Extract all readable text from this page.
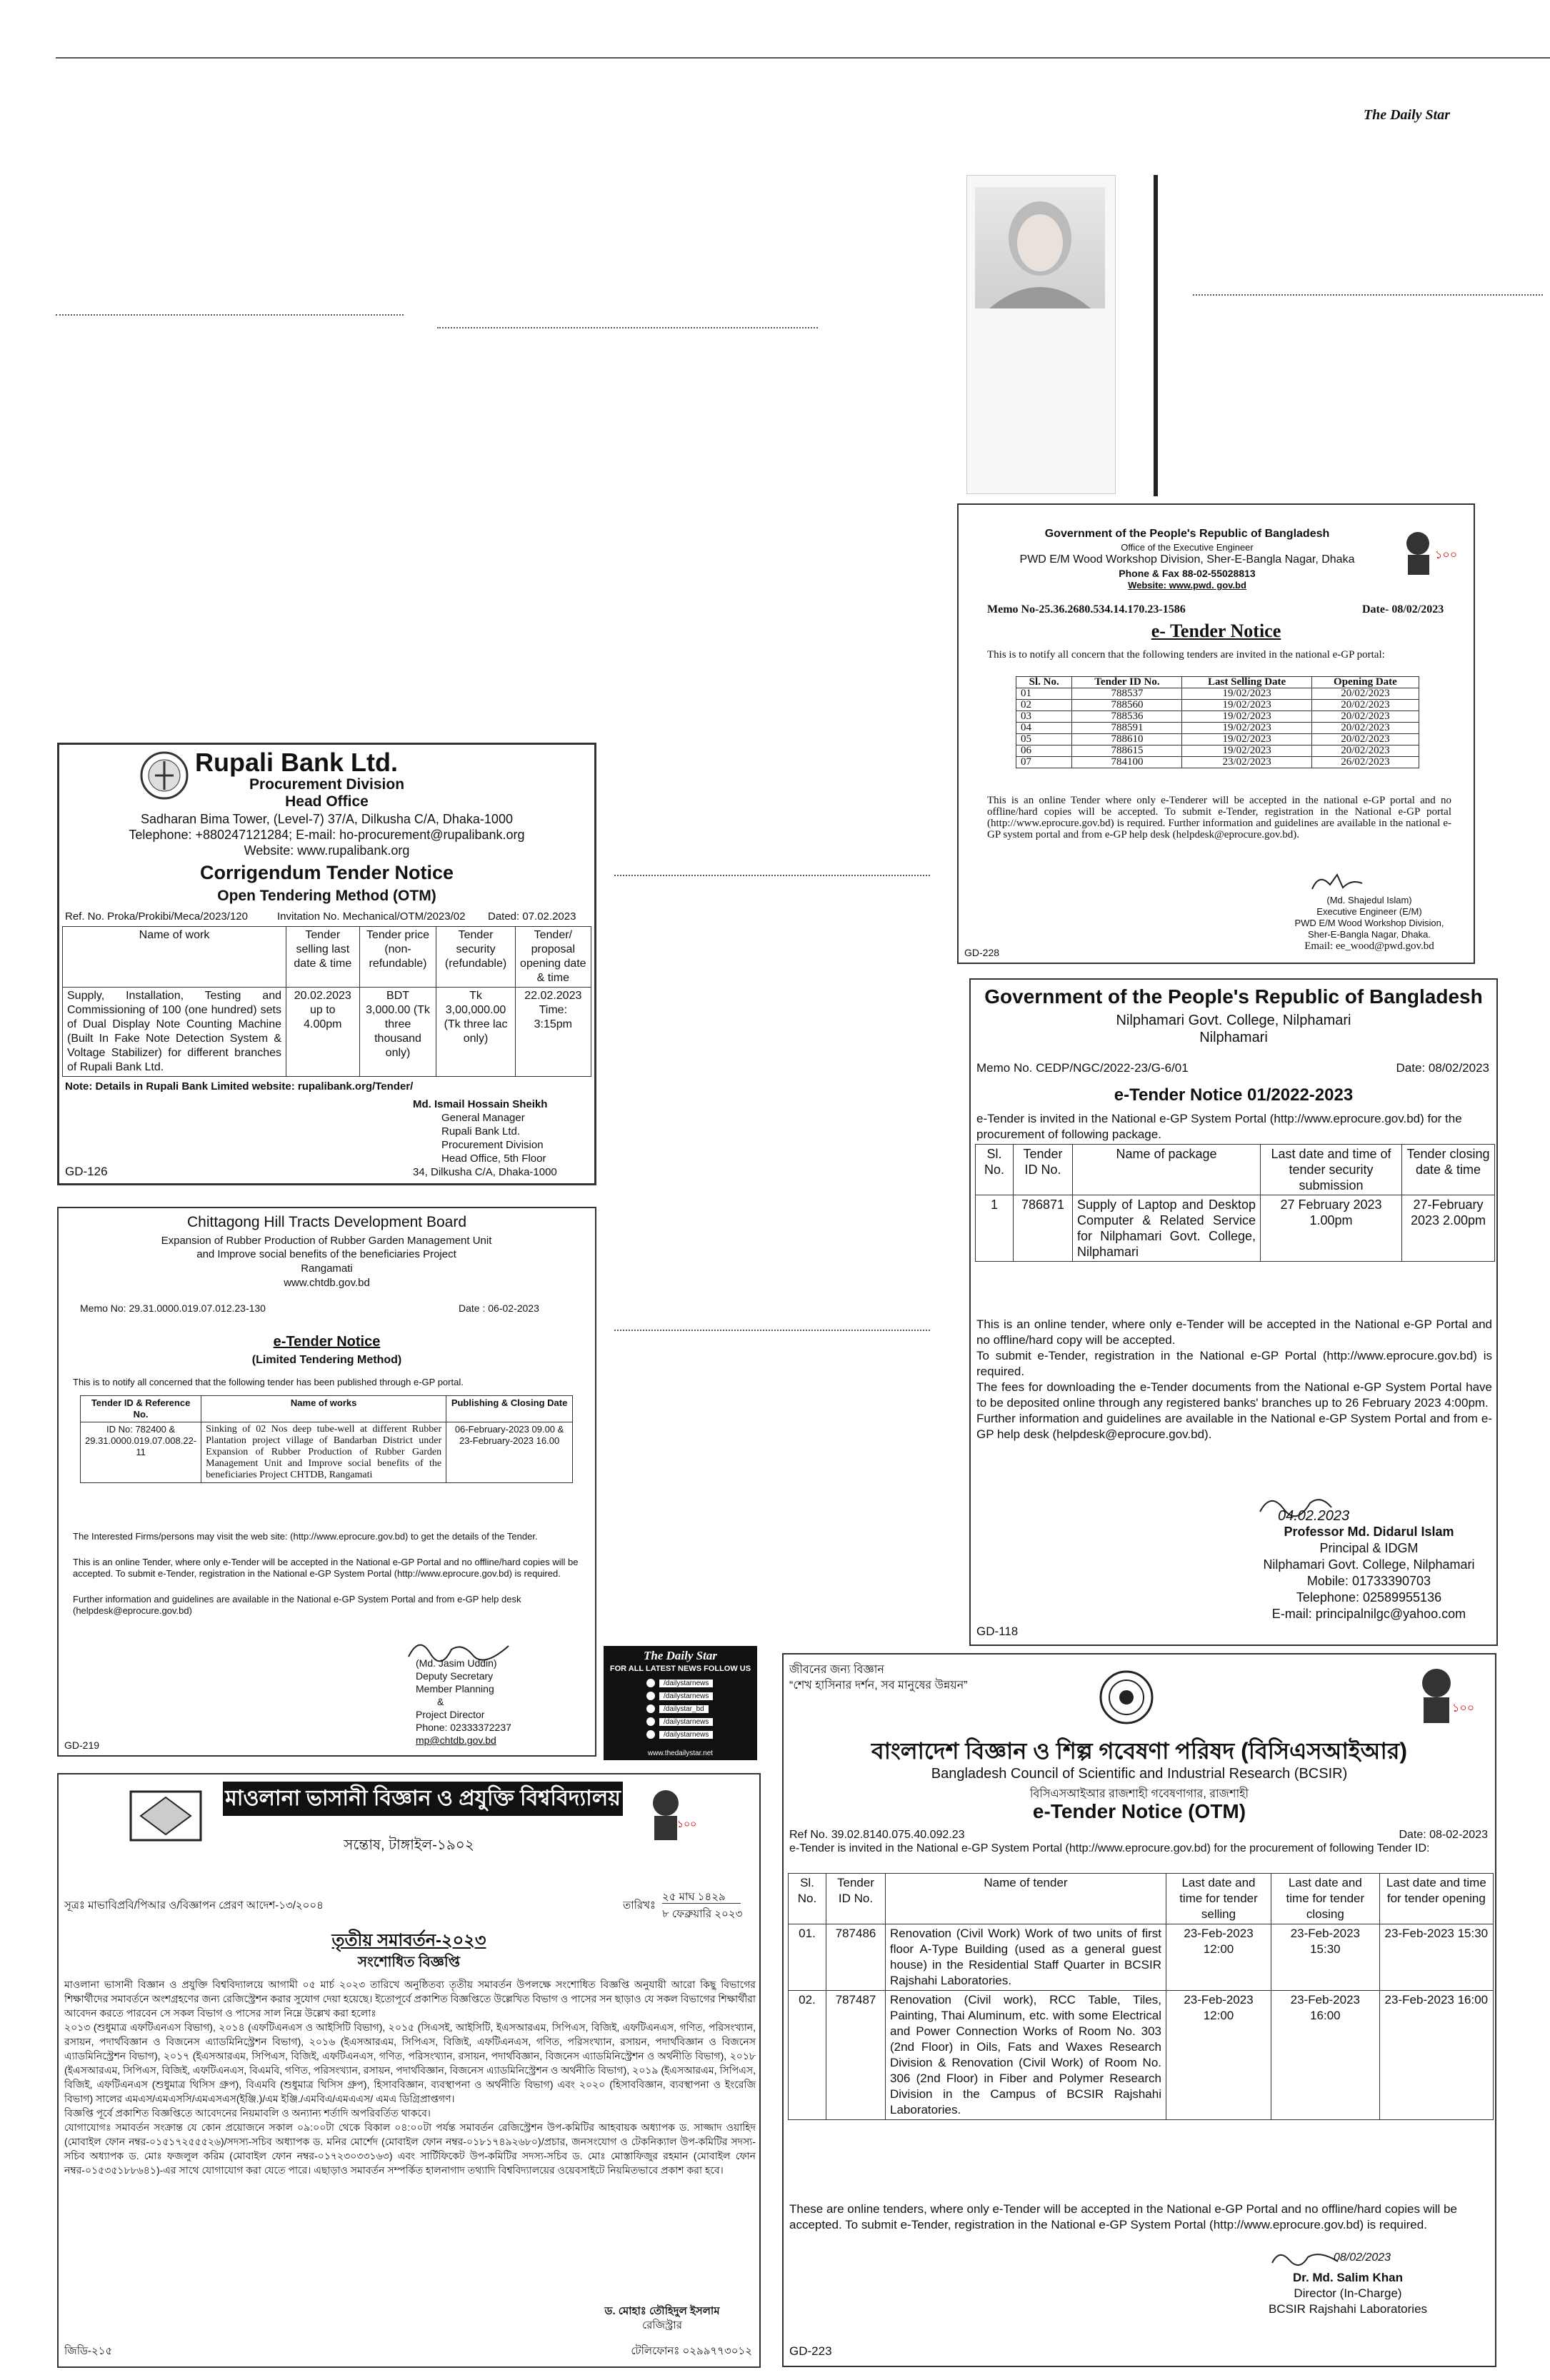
The Daily Star
Rupali Bank Ltd.
Procurement Division
Head Office
Sadharan Bima Tower, (Level-7) 37/A, Dilkusha C/A, Dhaka-1000
Telephone: +880247121284; E-mail: ho-procurement@rupalibank.org
Website: www.rupalibank.org
Corrigendum Tender Notice
Open Tendering Method (OTM)
Ref. No. Proka/Prokibi/Meca/2023/120	Invitation No. Mechanical/OTM/2023/02 Dated: 07.02.2023
Name of work	Tender selling last date & time	Tender price (non-refundable)	Tender security (refundable)	Tender/ proposal opening date & time
Supply, Installation, Testing and Commissioning of 100 (one hundred) sets of Dual Display Note Counting Machine (Built In Fake Note Detection System & Voltage Stabilizer) for different branches of Rupali Bank Ltd.	20.02.2023 up to 4.00pm	BDT 3,000.00 (Tk three thousand only)	Tk 3,00,000.00 (Tk three lac only)	22.02.2023 Time: 3:15pm
Note: Details in Rupali Bank Limited website: rupalibank.org/Tender/
Md. Ismail Hossain Sheikh
General Manager
Rupali Bank Ltd.
Procurement Division
Head Office, 5th Floor
34, Dilkusha C/A, Dhaka-1000
GD-126
Chittagong Hill Tracts Development Board
Expansion of Rubber Production of Rubber Garden Management Unit and Improve social benefits of the beneficiaries Project
Rangamati
www.chtdb.gov.bd
Memo No: 29.31.0000.019.07.012.23-130	Date : 06-02-2023
e-Tender Notice
(Limited Tendering Method)
This is to notify all concerned that the following tender has been published through e-GP portal.
Tender ID & Reference No.	Name of works	Publishing & Closing Date
ID No: 782400 & 29.31.0000.019.07.008.22-11	Sinking of 02 Nos deep tube-well at different Rubber Plantation project village of Bandarban District under Expansion of Rubber Production of Rubber Garden Management Unit and Improve social benefits of the beneficiaries Project CHTDB, Rangamati	06-February-2023 09.00 & 23-February-2023 16.00
The Interested Firms/persons may visit the web site: (http://www.eprocure.gov.bd) to get the details of the Tender.
This is an online Tender, where only e-Tender will be accepted in the National e-GP Portal and no offline/hard copies will be accepted. To submit e-Tender, registration in the National e-GP System Portal (http://www.eprocure.gov.bd) is required.
Further information and guidelines are available in the National e-GP System Portal and from e-GP help desk (helpdesk@eprocure.gov.bd)
(Md. Jasim Uddin)
Deputy Secretary
Member Planning
&
Project Director
Phone: 02333372237
mp@chtdb.gov.bd
GD-219
Government of the People's Republic of Bangladesh
Office of the Executive Engineer
PWD E/M Wood Workshop Division, Sher-E-Bangla Nagar, Dhaka
Phone & Fax 88-02-55028813
Website: www.pwd. gov.bd
১০০
Memo No-25.36.2680.534.14.170.23-1586	Date- 08/02/2023
e- Tender Notice
This is to notify all concern that the following tenders are invited in the national e-GP portal:
Sl. No.	Tender ID No.	Last Selling Date	Opening Date
01	788537	19/02/2023	20/02/2023
02	788560	19/02/2023	20/02/2023
03	788536	19/02/2023	20/02/2023
04	788591	19/02/2023	20/02/2023
05	788610	19/02/2023	20/02/2023
06	788615	19/02/2023	20/02/2023
07	784100	23/02/2023	26/02/2023
This is an online Tender where only e-Tenderer will be accepted in the national e-GP portal and no offline/hard copies will be accepted. To submit e-Tender, registration in the National e-GP portal (http://www.eprocure.gov.bd) is required. Further information and guidelines are available in the national e-GP system portal and from e-GP help desk (helpdesk@eprocure.gov.bd).
(Md. Shajedul Islam)
Executive Engineer (E/M)
PWD E/M Wood Workshop Division,
Sher-E-Bangla Nagar, Dhaka.
Email: ee_wood@pwd.gov.bd
GD-228
Government of the People's Republic of Bangladesh
Nilphamari Govt. College, Nilphamari
Nilphamari
Memo No. CEDP/NGC/2022-23/G-6/01	Date: 08/02/2023
e-Tender Notice 01/2022-2023
e-Tender is invited in the National e-GP System Portal (http://www.eprocure.gov.bd) for the procurement of following package.
Sl. No.	Tender ID No.	Name of package	Last date and time of tender security submission	Tender closing date & time
1	786871	Supply of Laptop and Desktop Computer & Related Service for Nilphamari Govt. College, Nilphamari	27 February 2023 1.00pm	27-February 2023 2.00pm
This is an online tender, where only e-Tender will be accepted in the National e-GP Portal and no offline/hard copy will be accepted.
To submit e-Tender, registration in the National e-GP Portal (http://www.eprocure.gov.bd) is required.
The fees for downloading the e-Tender documents from the National e-GP System Portal have to be deposited online through any registered banks' branches up to 26 February 2023 4:00pm.
Further information and guidelines are available in the National e-GP System Portal and from e-GP help desk (helpdesk@eprocure.gov.bd).
04.02.2023
Professor Md. Didarul Islam
Principal & IDGM
Nilphamari Govt. College, Nilphamari
Mobile: 01733390703
Telephone: 02589955136
E-mail: principalnilgc@yahoo.com
GD-118
The Daily Star
FOR ALL LATEST NEWS FOLLOW US
/dailystarnews
/dailystarnews
/dailystar_bd
/dailystarnews
/dailystarnews
www.thedailystar.net
মাওলানা ভাসানী বিজ্ঞান ও প্রযুক্তি বিশ্ববিদ্যালয়
১০০
সন্তোষ, টাঙ্গাইল-১৯০২
সূত্রঃ মাভাবিপ্রবি/পিআর ও/বিজ্ঞাপন প্রেরণ আদেশ-১৩/২০০৪	তারিখঃ
২৫ মাঘ ১৪২৯
৮ ফেব্রুয়ারি ২০২৩
তৃতীয় সমাবর্তন-২০২৩
সংশোধিত বিজ্ঞপ্তি
মাওলানা ভাসানী বিজ্ঞান ও প্রযুক্তি বিশ্ববিদ্যালয়ে আগামী ০৫ মার্চ ২০২৩ তারিখে অনুষ্ঠিতব্য তৃতীয় সমাবর্তন উপলক্ষে সংশোধিত বিজ্ঞপ্তি অনুযায়ী আরো কিছু বিভাগের শিক্ষার্থীদের সমাবর্তনে অংশগ্রহণের জন্য রেজিস্ট্রেশন করার সুযোগ দেয়া হয়েছে। ইতোপূর্বে প্রকাশিত বিজ্ঞপ্তিতে উল্লেখিত বিভাগ ও পাসের সন ছাড়াও যে সকল বিভাগের শিক্ষার্থীরা আবেদন করতে পারবেন সে সকল বিভাগ ও পাসের সাল নিম্নে উল্লেখ করা হলোঃ
২০১৩ (শুধুমাত্র এফটিএনএস বিভাগ), ২০১৪ (এফটিএনএস ও আইসিটি বিভাগ), ২০১৫ (সিএসই, আইসিটি, ইএসআরএম, সিপিএস, বিজিই, এফটিএনএস, গণিত, পরিসংখ্যান, রসায়ন, পদার্থবিজ্ঞান ও বিজনেস এ্যাডমিনিস্ট্রেশন বিভাগ), ২০১৬ (ইএসআরএম, সিপিএস, বিজিই, এফটিএনএস, গণিত, পরিসংখ্যান, রসায়ন, পদার্থবিজ্ঞান ও বিজনেস এ্যাডমিনিস্ট্রেশন বিভাগ), ২০১৭ (ইএসআরএম, সিপিএস, বিজিই, এফটিএনএস, গণিত, পরিসংখ্যান, রসায়ন, পদার্থবিজ্ঞান, বিজনেস এ্যাডমিনিস্ট্রেশন ও অর্থনীতি বিভাগ), ২০১৮ (ইএসআরএম, সিপিএস, বিজিই, এফটিএনএস, বিএমবি, গণিত, পরিসংখ্যান, রসায়ন, পদার্থবিজ্ঞান, বিজনেস এ্যাডমিনিস্ট্রেশন ও অর্থনীতি বিভাগ), ২০১৯ (ইএসআরএম, সিপিএস, বিজিই, এফটিএনএস (শুধুমাত্র থিসিস গ্রুপ), বিএমবি (শুধুমাত্র থিসিস গ্রুপ), হিসাববিজ্ঞান, ব্যবস্থাপনা ও অর্থনীতি বিভাগ) এবং ২০২০ (হিসাববিজ্ঞান, ব্যবস্থাপনা ও ইংরেজি বিভাগ) সালের এমএস/এমএসসি/এমএসএস(ইঞ্জি.)/এম ইঞ্জি./এমবিএ/এমএএস/ এমএ ডিগ্রিপ্রাপ্তগণ।
বিজ্ঞপ্তি পূর্বে প্রকাশিত বিজ্ঞপ্তিতে আবেদনের নিয়মাবলি ও অন্যান্য শর্তাদি অপরিবর্তিত থাকবে।
যোগাযোগঃ সমাবর্তন সংক্রান্ত যে কোন প্রয়োজনে সকাল ০৯:০০টা থেকে বিকাল ০৪:০০টা পর্যন্ত সমাবর্তন রেজিস্ট্রেশন উপ-কমিটির আহবায়ক অধ্যাপক ড. সাজ্জাদ ওয়াহিদ (মোবাইল ফোন নম্বর-০১৫১৭২৫৫৫২৬)/সদস্য-সচিব অধ্যাপক ড. মনির মোর্শেদ (মোবাইল ফোন নম্বর-০১৮১৭৪৯২৬৮০)/প্রচার, জনসংযোগ ও টেকনিক্যাল উপ-কমিটির সদস্য-সচিব অধ্যাপক ড. মোঃ ফজলুল করিম (মোবাইল ফোন নম্বর-০১৭২৩০৩৩১৬৩) এবং সার্টিফিকেট উপ-কমিটির সদস্য-সচিব ড. মোঃ মোস্তাফিজুর রহমান (মোবাইল ফোন নম্বর-০১৫৩৫১৮৮৬৪১)-এর সাথে যোগাযোগ করা যেতে পারে। এছাড়াও সমাবর্তন সম্পর্কিত হালনাগাদ তথ্যাদি বিশ্ববিদ্যালয়ের ওয়েবসাইটে নিয়মিতভাবে প্রকাশ করা হবে।
ড. মোহাঃ তৌহিদুল ইসলাম
রেজিস্ট্রার
জিডি-২১৫	টেলিফোনঃ ০২৯৯৭৭৩০১২
জীবনের জন্য বিজ্ঞান
“শেখ হাসিনার দর্শন, সব মানুষের উন্নয়ন”
১০০
বাংলাদেশ বিজ্ঞান ও শিল্প গবেষণা পরিষদ (বিসিএসআইআর)
Bangladesh Council of Scientific and Industrial Research (BCSIR)
বিসিএসআইআর রাজশাহী গবেষণাগার, রাজশাহী
e-Tender Notice (OTM)
Ref No. 39.02.8140.075.40.092.23	Date: 08-02-2023
e-Tender is invited in the National e-GP System Portal (http://www.eprocure.gov.bd) for the procurement of following Tender ID:
Sl. No.	Tender ID No.	Name of tender	Last date and time for tender selling	Last date and time for tender closing	Last date and time for tender opening
01.	787486	Renovation (Civil Work) Work of two units of first floor A-Type Building (used as a general guest house) in the Residential Staff Quarter in BCSIR Rajshahi Laboratories.	23-Feb-2023 12:00	23-Feb-2023 15:30	23-Feb-2023 15:30
02.	787487	Renovation (Civil work), RCC Table, Tiles, Painting, Thai Aluminum, etc. with some Electrical and Power Connection Works of Room No. 303 (2nd Floor) in Oils, Fats and Waxes Research Division & Renovation (Civil Work) of Room No. 306 (2nd Floor) in Fiber and Polymer Research Division in the Campus of BCSIR Rajshahi Laboratories.	23-Feb-2023 12:00	23-Feb-2023 16:00	23-Feb-2023 16:00
These are online tenders, where only e-Tender will be accepted in the National e-GP Portal and no offline/hard copies will be accepted. To submit e-Tender, registration in the National e-GP System Portal (http://www.eprocure.gov.bd) is required.
08/02/2023
Dr. Md. Salim Khan
Director (In-Charge)
BCSIR Rajshahi Laboratories
GD-223
